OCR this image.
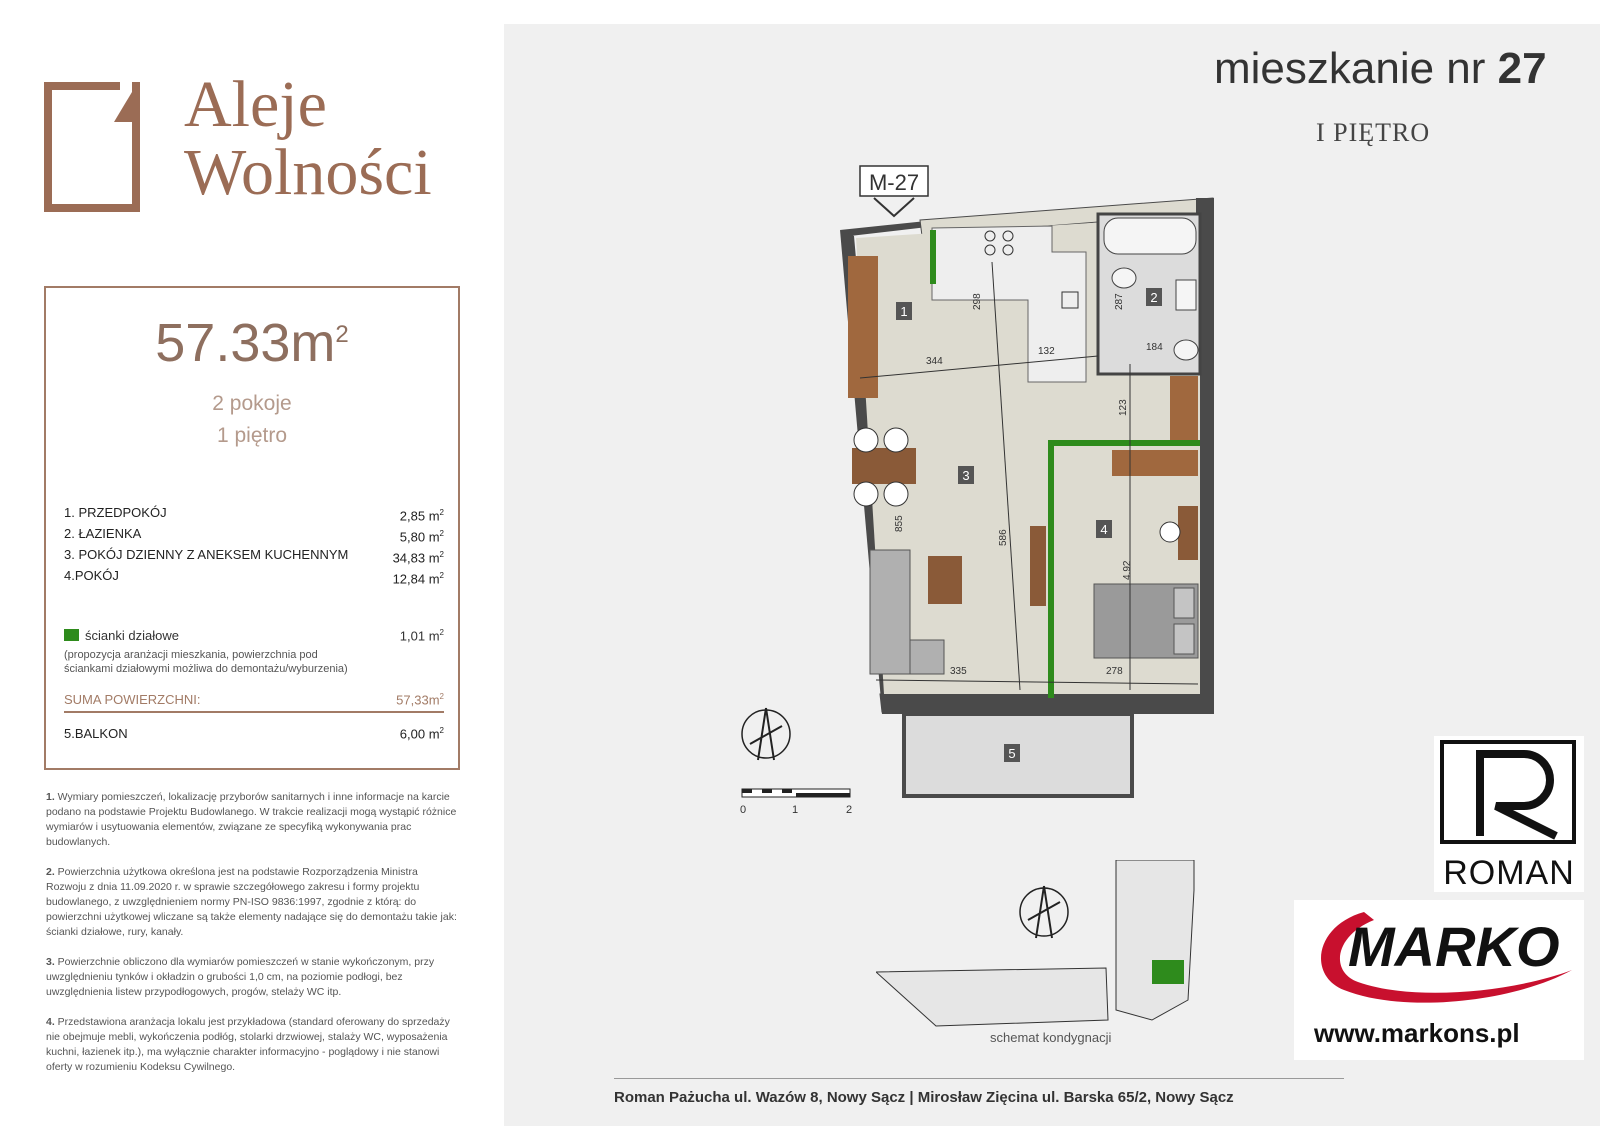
Aleje
Wolności
$57.33m^2$
2 pokoje
1 piętro
1. PRZEDPOKÓJ	2,85 $m^2$
2. ŁAZIENKA	5,80 $m^2$
3. POKÓJ DZIENNY Z ANEKSEM KUCHENNYM	34,83 $m^2$
4.POKÓJ	12,84 $m^2$
ścianki działowe	1,01 $m^2$
(propozycja aranżacji mieszkania, powierzchnia pod ściankami działowymi możliwa do demontażu/wyburzenia)
SUMA POWIERZCHNI:	$57,33m^2$
5.BALKON	6,00 $m^2$

1. Wymiary pomieszczeń, lokalizację przyborów sanitarnych i inne informacje na karcie podano na podstawie Projektu Budowlanego. W trakcie realizacji mogą wystąpić różnice wymiarów i usytuowania elementów, związane ze specyfiką wykonywania prac budowlanych.

2. Powierzchnia użytkowa określona jest na podstawie Rozporządzenia Ministra Rozwoju z dnia 11.09.2020 r. w sprawie szczegółowego zakresu i formy projektu budowlanego, z uwzględnieniem normy PN-ISO 9836:1997, zgodnie z którą: do powierzchni użytkowej wliczane są także elementy nadające się do demontażu takie jak: ścianki działowe, rury, kanały.

3. Powierzchnie obliczono dla wymiarów pomieszczeń w stanie wykończonym, przy uwzględnieniu tynków i okładzin o grubości 1,0 cm, na poziomie podłogi, bez uwzględnienia listew przypodłogowych, progów, stelaży WC itp.

4. Przedstawiona aranżacja lokalu jest przykładowa (standard oferowany do sprzedaży nie obejmuje mebli, wykończenia podłóg, stolarki drzwiowej, stalaży WC, wyposażenia kuchni, łazienek itp.), ma wyłącznie charakter informacyjno - poglądowy i nie stanowi oferty w rozumieniu Kodeksu Cywilnego.

mieszkanie nr 27
I PIĘTRO
M-27
298
344
132
287
184
123
855
586
4.92
335	278
1
2
3
4
5
0	1	2
schemat kondygnacji
Roman Pażucha ul. Wazów 8, Nowy Sącz | Mirosław Zięcina ul. Barska 65/2, Nowy Sącz
ROMAN
MARKO
www.markons.pl
